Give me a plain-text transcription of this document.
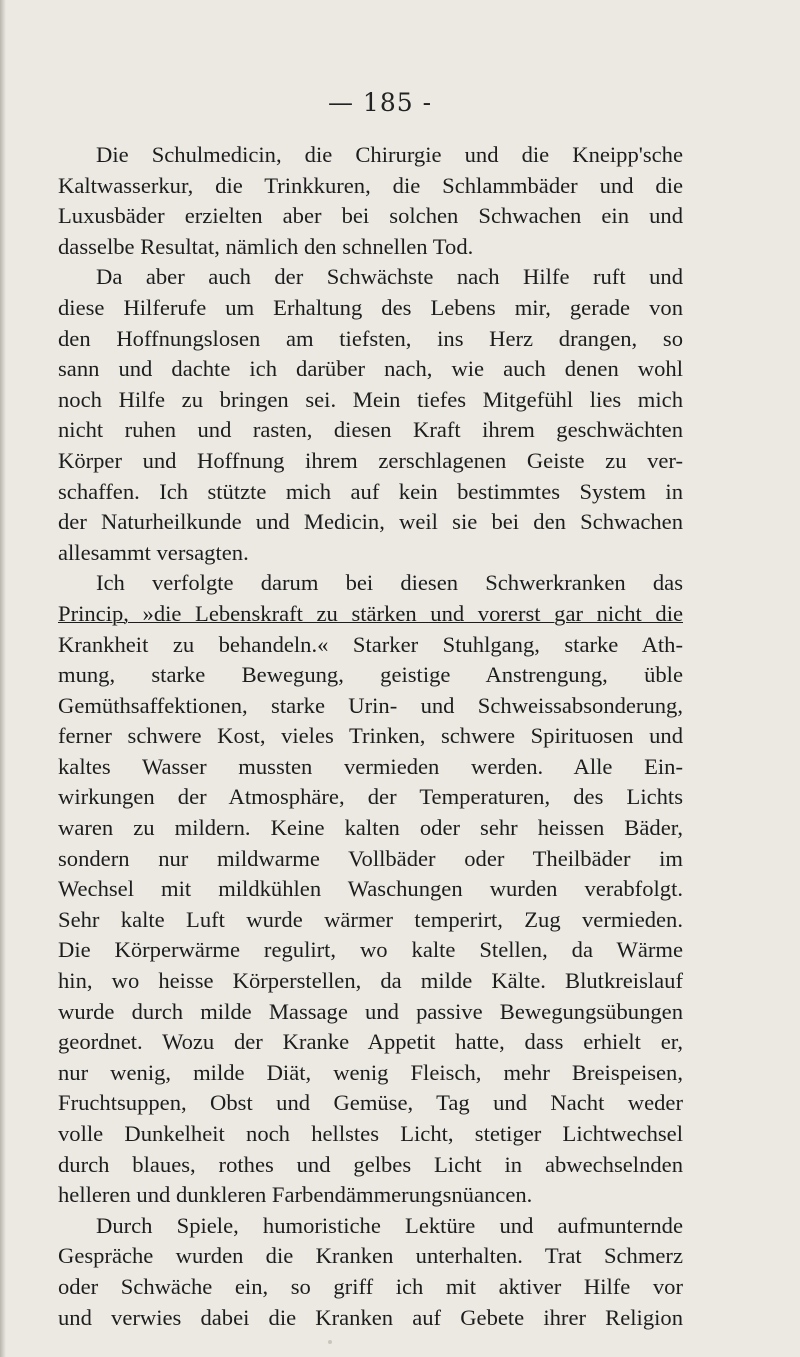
— 185 -
Die Schulmedicin, die Chirurgie und die Kneipp'sche
Kaltwasserkur, die Trinkkuren, die Schlammbäder und die
Luxusbäder erzielten aber bei solchen Schwachen ein und
dasselbe Resultat, nämlich den schnellen Tod.
Da aber auch der Schwächste nach Hilfe ruft und
diese Hilferufe um Erhaltung des Lebens mir, gerade von
den Hoffnungslosen am tiefsten, ins Herz drangen, so
sann und dachte ich darüber nach, wie auch denen wohl
noch Hilfe zu bringen sei. Mein tiefes Mitgefühl lies mich
nicht ruhen und rasten, diesen Kraft ihrem geschwächten
Körper und Hoffnung ihrem zerschlagenen Geiste zu ver-
schaffen. Ich stützte mich auf kein bestimmtes System in
der Naturheilkunde und Medicin, weil sie bei den Schwachen
allesammt versagten.
Ich verfolgte darum bei diesen Schwerkranken das
Princip, »die Lebenskraft zu stärken und vorerst gar nicht die
Krankheit zu behandeln.« Starker Stuhlgang, starke Ath-
mung, starke Bewegung, geistige Anstrengung, üble
Gemüthsaffektionen, starke Urin- und Schweissabsonderung,
ferner schwere Kost, vieles Trinken, schwere Spirituosen und
kaltes Wasser mussten vermieden werden. Alle Ein-
wirkungen der Atmosphäre, der Temperaturen, des Lichts
waren zu mildern. Keine kalten oder sehr heissen Bäder,
sondern nur mildwarme Vollbäder oder Theilbäder im
Wechsel mit mildkühlen Waschungen wurden verabfolgt.
Sehr kalte Luft wurde wärmer temperirt, Zug vermieden.
Die Körperwärme regulirt, wo kalte Stellen, da Wärme
hin, wo heisse Körperstellen, da milde Kälte. Blutkreislauf
wurde durch milde Massage und passive Bewegungsübungen
geordnet. Wozu der Kranke Appetit hatte, dass erhielt er,
nur wenig, milde Diät, wenig Fleisch, mehr Breispeisen,
Fruchtsuppen, Obst und Gemüse, Tag und Nacht weder
volle Dunkelheit noch hellstes Licht, stetiger Lichtwechsel
durch blaues, rothes und gelbes Licht in abwechselnden
helleren und dunkleren Farbendämmerungsnüancen.
Durch Spiele, humoristiche Lektüre und aufmunternde
Gespräche wurden die Kranken unterhalten. Trat Schmerz
oder Schwäche ein, so griff ich mit aktiver Hilfe vor
und verwies dabei die Kranken auf Gebete ihrer Religion
